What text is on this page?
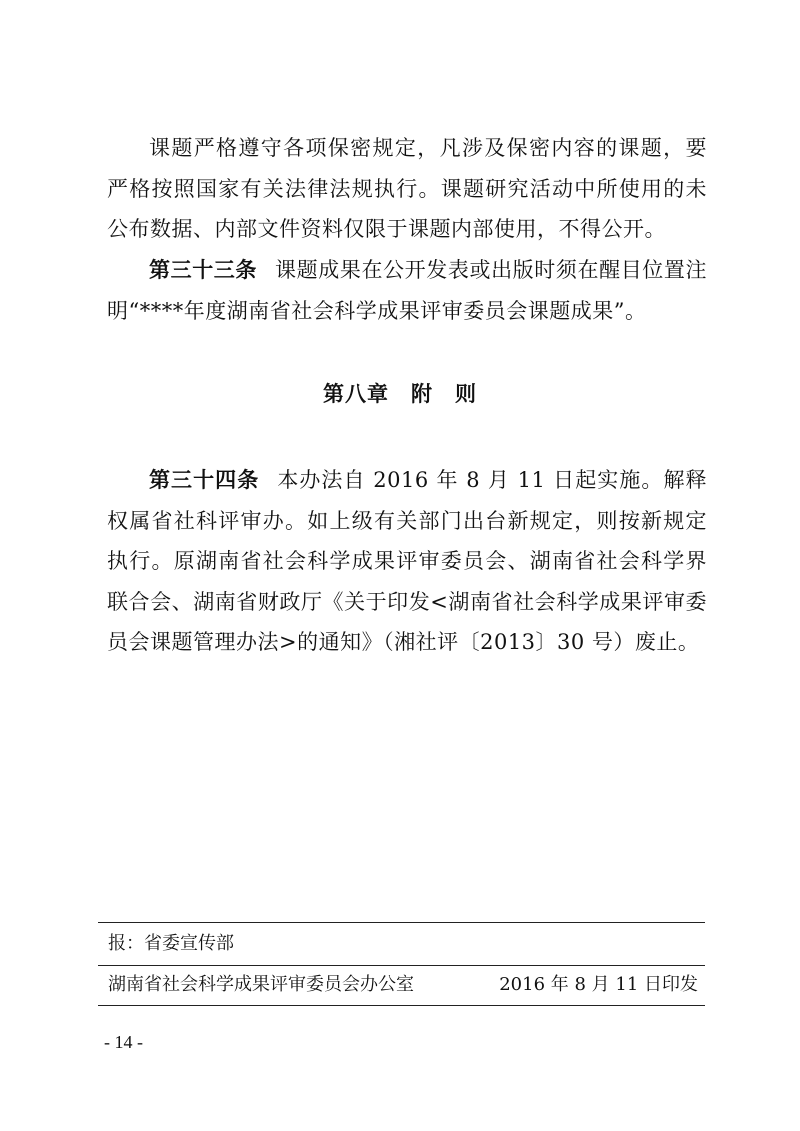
课题严格遵守各项保密规定，凡涉及保密内容的课题，要严格按照国家有关法律法规执行。课题研究活动中所使用的未公布数据、内部文件资料仅限于课题内部使用，不得公开。

第三十三条 课题成果在公开发表或出版时须在醒目位置注明“****年度湖南省社会科学成果评审委员会课题成果”。

第八章　附　则

第三十四条 本办法自 2016 年 8 月 11 日起实施。解释权属省社科评审办。如上级有关部门出台新规定，则按新规定执行。原湖南省社会科学成果评审委员会、湖南省社会科学界联合会、湖南省财政厅《关于印发<湖南省社会科学成果评审委员会课题管理办法>的通知》（湘社评〔2013〕30 号）废止。

报：省委宣传部
湖南省社会科学成果评审委员会办公室	2016 年 8 月 11 日印发
- 14 -
